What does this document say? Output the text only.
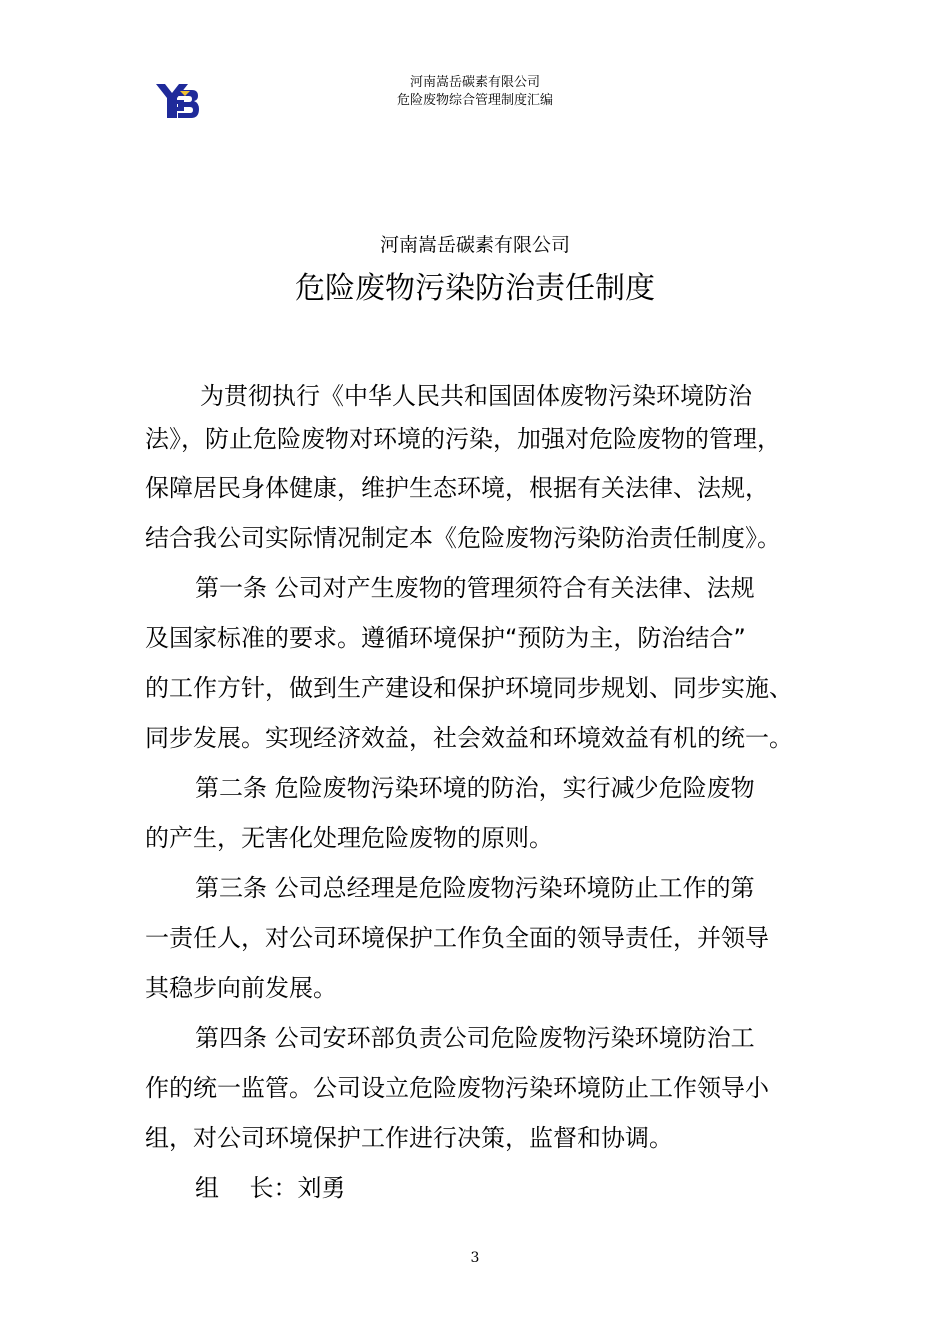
河南嵩岳碳素有限公司
危险废物综合管理制度汇编
河南嵩岳碳素有限公司
危险废物污染防治责任制度
为贯彻执行《中华人民共和国固体废物污染环境防治
法》，防止危险废物对环境的污染，加强对危险废物的管理，
保障居民身体健康，维护生态环境，根据有关法律、法规，
结合我公司实际情况制定本《危险废物污染防治责任制度》。
第一条 公司对产生废物的管理须符合有关法律、法规
及国家标准的要求。遵循环境保护“预防为主，防治结合”
的工作方针，做到生产建设和保护环境同步规划、同步实施、
同步发展。实现经济效益，社会效益和环境效益有机的统一。
第二条 危险废物污染环境的防治，实行减少危险废物
的产生，无害化处理危险废物的原则。
第三条 公司总经理是危险废物污染环境防止工作的第
一责任人，对公司环境保护工作负全面的领导责任，并领导
其稳步向前发展。
第四条 公司安环部负责公司危险废物污染环境防治工
作的统一监管。公司设立危险废物污染环境防止工作领导小
组，对公司环境保护工作进行决策，监督和协调。
组    长：刘勇
3
